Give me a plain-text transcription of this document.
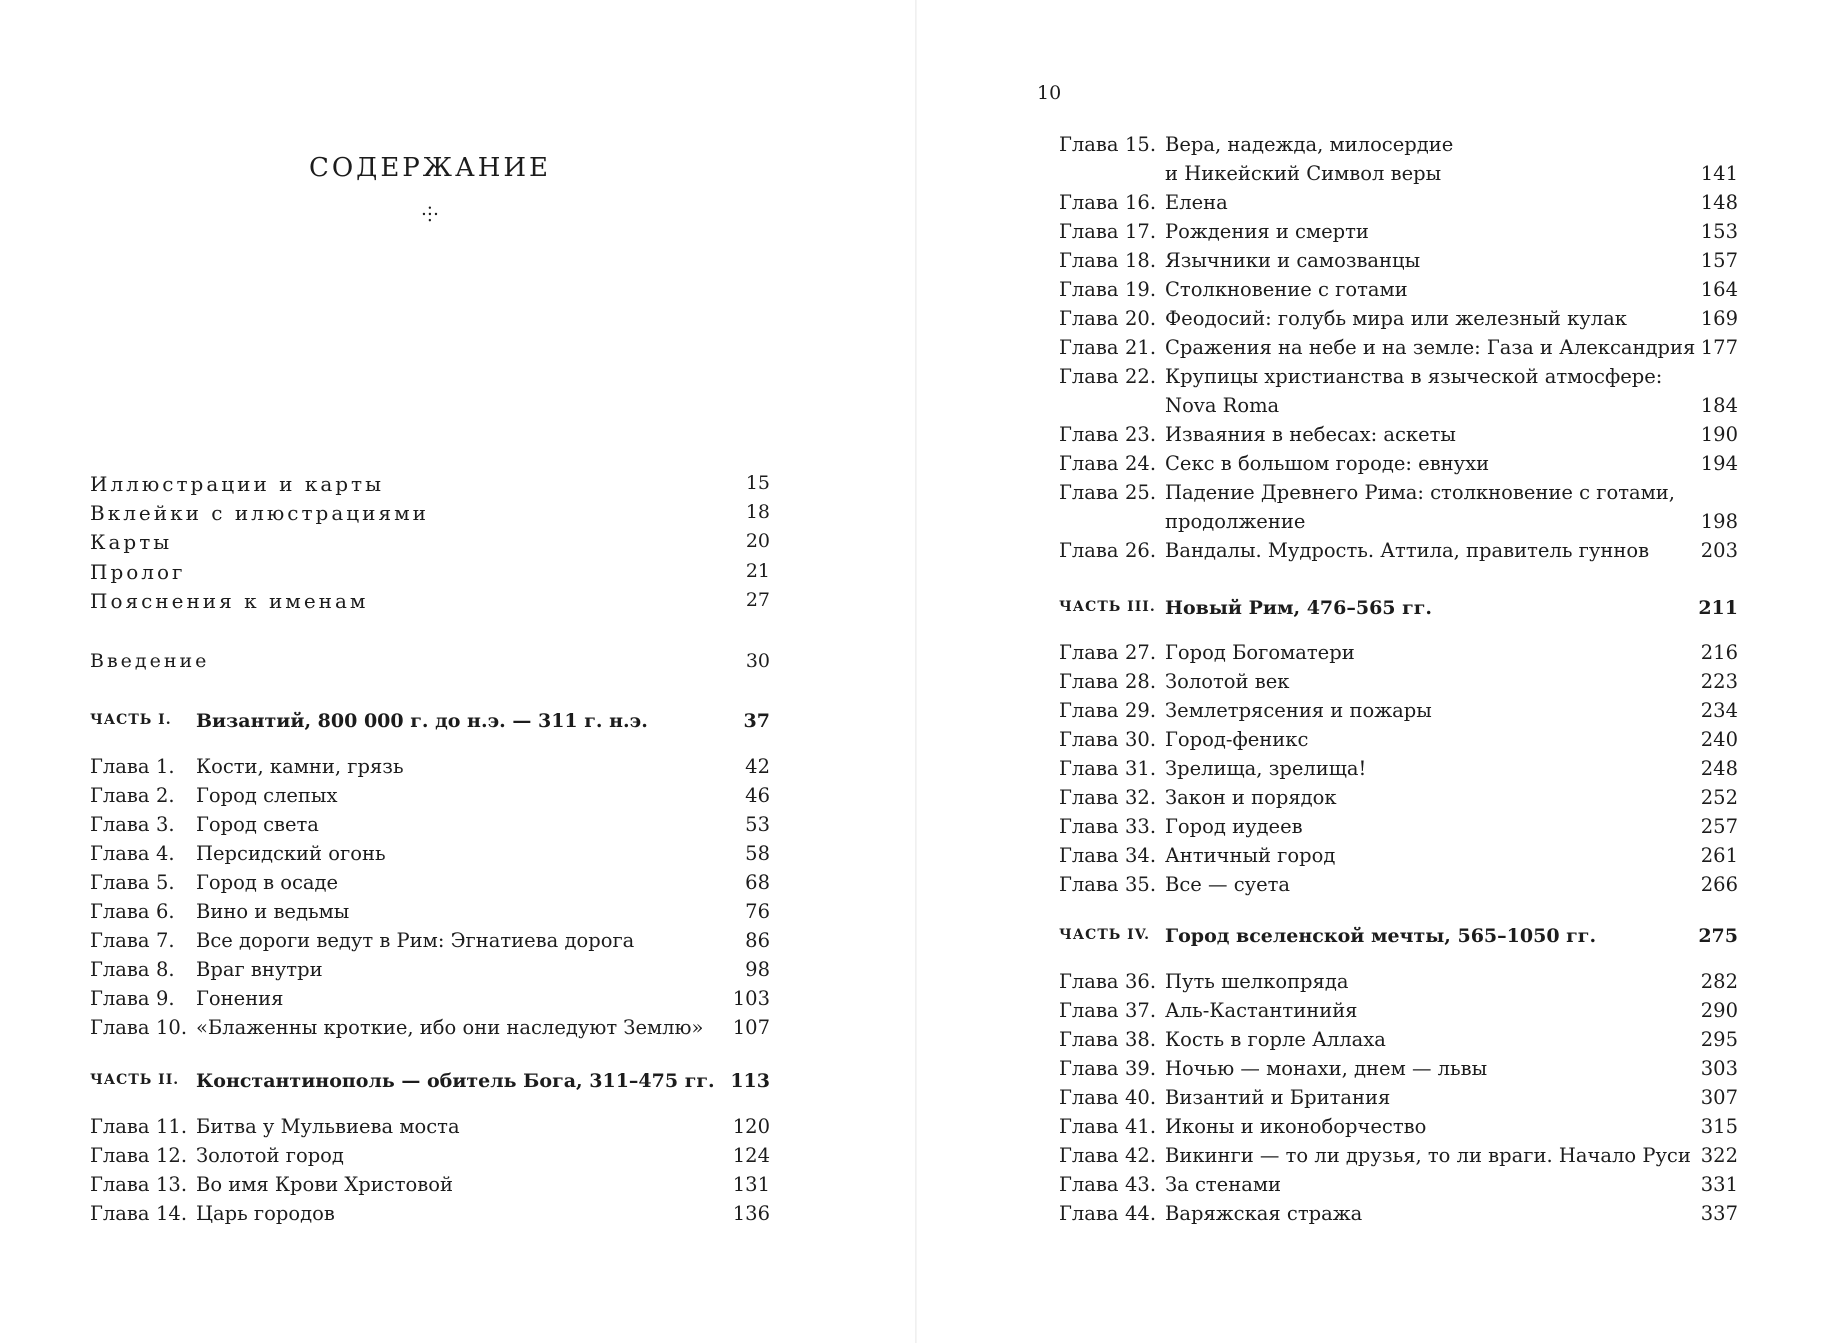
СОДЕРЖАНИЕ
⸭
Иллюстрации и карты	15
Вклейки с илюстрациями	18
Карты	20
Пролог	21
Пояснения к именам	27
Введение	30
ЧАСТЬ I. Византий, 800 000 г. до н.э. — 311 г. н.э.	37
Глава 1.	Кости, камни, грязь	42
Глава 2.	Город слепых	46
Глава 3.	Город света	53
Глава 4.	Персидский огонь	58
Глава 5.	Город в осаде	68
Глава 6.	Вино и ведьмы	76
Глава 7.	Все дороги ведут в Рим: Эгнатиева дорога	86
Глава 8.	Враг внутри	98
Глава 9.	Гонения	103
Глава 10. «Блаженны кроткие, ибо они наследуют Землю» 107
ЧАСТЬ II. Константинополь — обитель Бога, 311–475 гг. 113
Глава 11. Битва у Мульвиева моста	120
Глава 12. Золотой город	124
Глава 13. Во имя Крови Христовой	131
Глава 14. Царь городов	136
10
Глава 15. Вера, надежда, милосердие
и Никейский Символ веры	141
Глава 16. Елена	148
Глава 17. Рождения и смерти	153
Глава 18. Язычники и самозванцы	157
Глава 19. Столкновение с готами	164
Глава 20. Феодосий: голубь мира или железный кулак	169
Глава 21. Сражения на небе и на земле: Газа и Александрия 177
Глава 22. Крупицы христианства в языческой атмосфере:
Nova Roma	184
Глава 23. Изваяния в небесах: аскеты	190
Глава 24. Секс в большом городе: евнухи	194
Глава 25. Падение Древнего Рима: столкновение с готами,
продолжение	198
Глава 26. Вандалы. Мудрость. Аттила, правитель гуннов	203
ЧАСТЬ III. Новый Рим, 476–565 гг.	211
Глава 27. Город Богоматери	216
Глава 28. Золотой век	223
Глава 29. Землетрясения и пожары	234
Глава 30. Город-феникс	240
Глава 31. Зрелища, зрелища!	248
Глава 32. Закон и порядок	252
Глава 33. Город иудеев	257
Глава 34. Античный город	261
Глава 35. Все — суета	266
ЧАСТЬ IV. Город вселенской мечты, 565–1050 гг.	275
Глава 36. Путь шелкопряда	282
Глава 37. Аль-Кастантинийя	290
Глава 38. Кость в горле Аллаха	295
Глава 39. Ночью — монахи, днем — львы	303
Глава 40. Византий и Британия	307
Глава 41. Иконы и иконоборчество	315
Глава 42. Викинги — то ли друзья, то ли враги. Начало Руси 322
Глава 43. За стенами	331
Глава 44. Варяжская стража	337
